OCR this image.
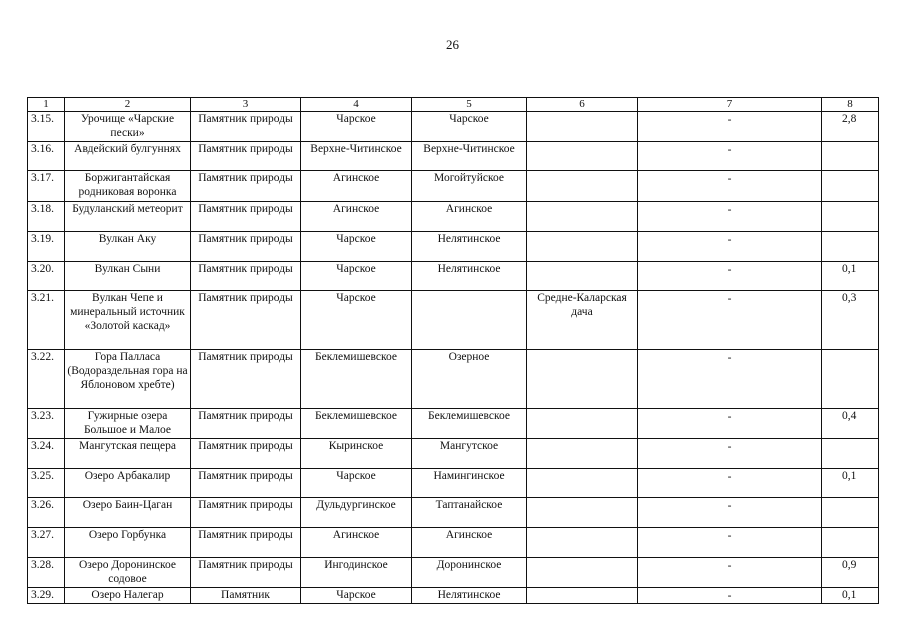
26
1	2	3	4	5	6	7	8
3.15.	Урочище «Чарские пески»	Памятник природы	Чарское	Чарское		-	2,8
3.16.	Авдейский булгуннях	Памятник природы	Верхне-Читинское	Верхне-Читинское		-	
3.17.	Боржигантайская родниковая воронка	Памятник природы	Агинское	Могойтуйское		-	
3.18.	Будуланский метеорит	Памятник природы	Агинское	Агинское		-	
3.19.	Вулкан Аку	Памятник природы	Чарское	Нелятинское		-	
3.20.	Вулкан Сыни	Памятник природы	Чарское	Нелятинское		-	0,1
3.21.	Вулкан Чепе и минеральный источник «Золотой каскад»	Памятник природы	Чарское		Средне-Каларская дача	-	0,3
3.22.	Гора Палласа (Водораздельная гора на Яблоновом хребте)	Памятник природы	Беклемишевское	Озерное		-	
3.23.	Гужирные озера Большое и Малое	Памятник природы	Беклемишевское	Беклемишевское		-	0,4
3.24.	Мангутская пещера	Памятник природы	Кыринское	Мангутское		-	
3.25.	Озеро Арбакалир	Памятник природы	Чарское	Намингинское		-	0,1
3.26.	Озеро Баин-Цаган	Памятник природы	Дульдургинское	Таптанайское		-	
3.27.	Озеро Горбунка	Памятник природы	Агинское	Агинское		-	
3.28.	Озеро Доронинское содовое	Памятник природы	Ингодинское	Доронинское		-	0,9
3.29.	Озеро Налегар	Памятник	Чарское	Нелятинское		-	0,1
